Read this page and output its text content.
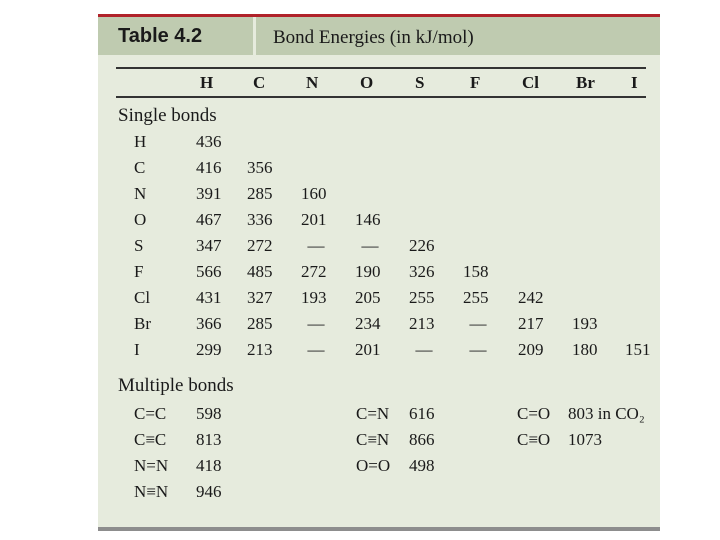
Table 4.2	Bond Energies (in kJ/mol)
H C N O S	F Cl Br I
Single bonds
H	436
C	416 356
N	391 285 160
O	467 336 201 146
S	347 272	—	—	226
F	566 485 272 190 326 158
Cl	431 327 193 205 255 255 242
Br	366 285	—	234 213	—	217 193
I	299 213	—	201	—	—	209 180 151
Multiple bonds
C=C 598	C=N 616	C=O 803 in CO₂
C≡C 813	C≡N 866	C≡O 1073
N=N 418	O=O 498
N≡N 946
